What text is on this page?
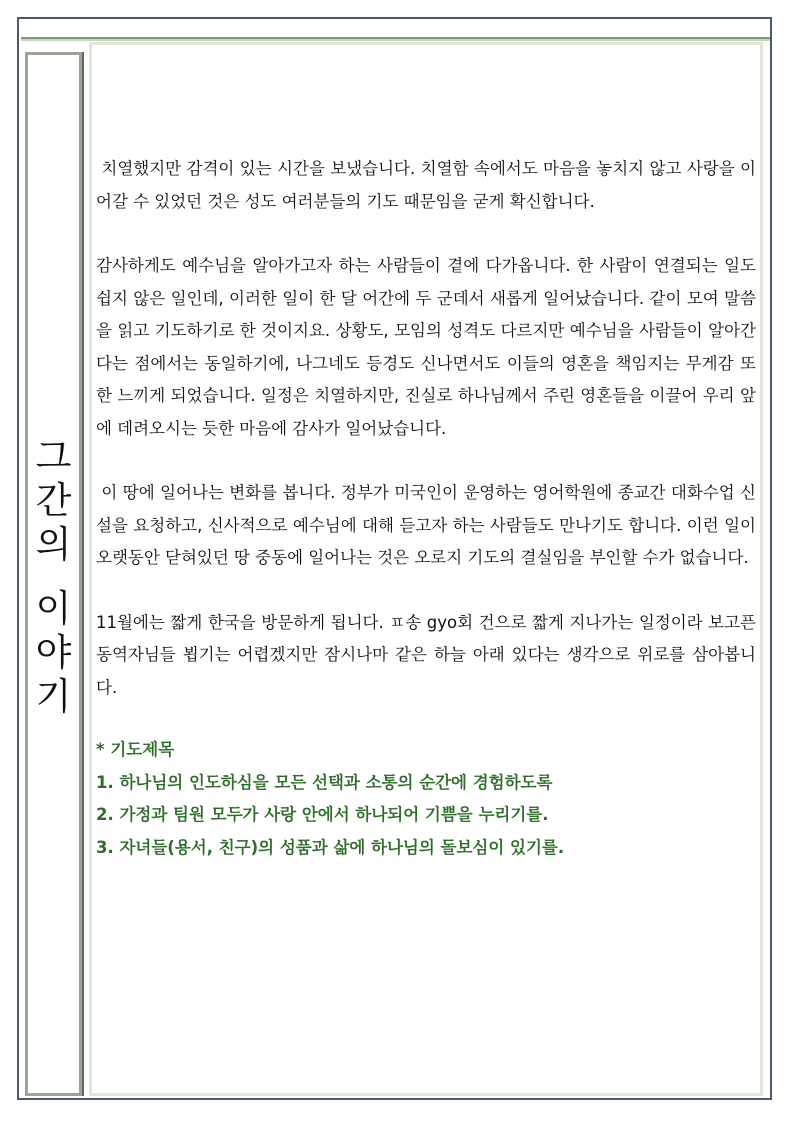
그
간
의
이
야
기

치열했지만 감격이 있는 시간을 보냈습니다. 치열함 속에서도 마음을 놓치지 않고 사랑을 이어갈 수 있었던 것은 성도 여러분들의 기도 때문임을 굳게 확신합니다.

감사하게도 예수님을 알아가고자 하는 사람들이 곁에 다가옵니다. 한 사람이 연결되는 일도 쉽지 않은 일인데, 이러한 일이 한 달 어간에 두 군데서 새롭게 일어났습니다. 같이 모여 말씀을 읽고 기도하기로 한 것이지요. 상황도, 모임의 성격도 다르지만 예수님을 사람들이 알아간다는 점에서는 동일하기에, 나그네도 등경도 신나면서도 이들의 영혼을 책임지는 무게감 또한 느끼게 되었습니다. 일정은 치열하지만, 진실로 하나님께서 주린 영혼들을 이끌어 우리 앞에 데려오시는 듯한 마음에 감사가 일어났습니다.

이 땅에 일어나는 변화를 봅니다. 정부가 미국인이 운영하는 영어학원에 종교간 대화수업 신설을 요청하고, 신사적으로 예수님에 대해 듣고자 하는 사람들도 만나기도 합니다. 이런 일이 오랫동안 닫혀있던 땅 중동에 일어나는 것은 오로지 기도의 결실임을 부인할 수가 없습니다.

11월에는 짧게 한국을 방문하게 됩니다. ㅍ송 gyo회 건으로 짧게 지나가는 일정이라 보고픈 동역자님들 뵙기는 어렵겠지만 잠시나마 같은 하늘 아래 있다는 생각으로 위로를 삼아봅니다.

* 기도제목
1. 하나님의 인도하심을 모든 선택과 소통의 순간에 경험하도록
2. 가정과 팀원 모두가 사랑 안에서 하나되어 기쁨을 누리기를.
3. 자녀들(용서, 친구)의 성품과 삶에 하나님의 돌보심이 있기를.
